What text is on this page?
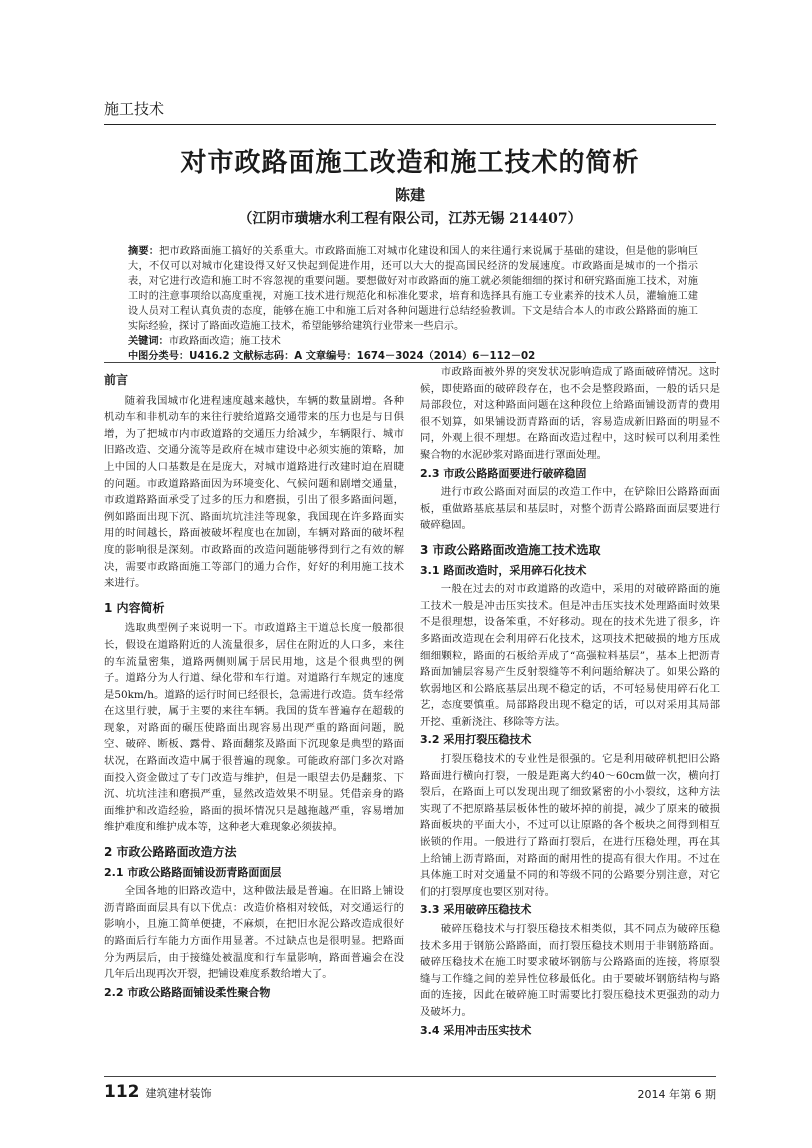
施工技术
对市政路面施工改造和施工技术的简析
陈建
（江阴市璜塘水利工程有限公司，江苏无锡 214407）
摘要：把市政路面施工搞好的关系重大。市政路面施工对城市化建设和国人的来往通行来说属于基础的建设，但是他的影响巨大，不仅可以对城市化建设得又好又快起到促进作用，还可以大大的提高国民经济的发展速度。市政路面是城市的一个指示表，对它进行改造和施工时不容忽视的重要问题。要想做好对市政路面的施工就必须能细细的探讨和研究路面施工技术，对施工时的注意事项给以高度重视，对施工技术进行规范化和标准化要求，培育和选择具有施工专业素养的技术人员，灌输施工建设人员对工程认真负责的态度，能够在施工中和施工后对各种问题进行总结经验教训。下文是结合本人的市政公路路面的施工实际经验，探讨了路面改造施工技术，希望能够给建筑行业带来一些启示。
关键词：市政路面改造；施工技术
中图分类号：U416.2 文献标志码：A 文章编号：1674－3024（2014）6－112－02
前言

随着我国城市化进程速度越来越快，车辆的数量剧增。各种机动车和非机动车的来往行驶给道路交通带来的压力也是与日俱增，为了把城市内市政道路的交通压力给减少，车辆限行、城市旧路改造、交通分流等是政府在城市建设中必须实施的策略，加上中国的人口基数是在是庞大，对城市道路进行改建时迫在眉睫的问题。市政道路路面因为环境变化、气候问题和剧增交通量，市政道路路面承受了过多的压力和磨损，引出了很多路面问题，例如路面出现下沉、路面坑坑洼洼等现象，我国现在许多路面实用的时间越长，路面被破坏程度也在加剧，车辆对路面的破坏程度的影响很是深刻。市政路面的改造问题能够得到行之有效的解决，需要市政路面施工等部门的通力合作，好好的利用施工技术来进行。

1 内容简析

选取典型例子来说明一下。市政道路主干道总长度一般都很长，假设在道路附近的人流量很多，居住在附近的人口多，来往的车流量密集，道路两侧则属于居民用地，这是个很典型的例子。道路分为人行道、绿化带和车行道。对道路行车规定的速度是50km/h。道路的运行时间已经很长，急需进行改造。货车经常在这里行驶，属于主要的来往车辆。我国的货车普遍存在超载的现象，对路面的碾压使路面出现容易出现严重的路面问题，脱空、破碎、断板、露骨、路面翻浆及路面下沉现象是典型的路面状况，在路面改造中属于很普遍的现象。可能政府部门多次对路面投入资金做过了专门改造与维护，但是一眼望去仍是翻浆、下沉、坑坑洼洼和磨损严重，显然改造效果不明显。凭借亲身的路面维护和改造经验，路面的损坏情况只是越拖越严重，容易增加维护难度和维护成本等，这种老大难现象必须拔掉。

2 市政公路路面改造方法
2.1 市政公路路面铺设沥青路面面层

全国各地的旧路改造中，这种做法最是普遍。在旧路上铺设沥青路面面层具有以下优点：改造价格相对较低，对交通运行的影响小，且施工简单便捷，不麻烦，在把旧水泥公路改造成很好的路面后行车能力方面作用显著。不过缺点也是很明显。把路面分为两层后，由于接缝处被温度和行车量影响，路面普遍会在没几年后出现再次开裂，把铺设难度系数给增大了。

2.2 市政公路路面铺设柔性聚合物

市政路面被外界的突发状况影响造成了路面破碎情况。这时候，即使路面的破碎段存在，也不会是整段路面，一般的话只是局部段位，对这种路面问题在这种段位上给路面铺设沥青的费用很不划算，如果铺设沥青路面的话，容易造成新旧路面的明显不同，外观上很不理想。在路面改造过程中，这时候可以利用柔性聚合物的水泥砂浆对路面进行罩面处理。

2.3 市政公路路面要进行破碎稳固

进行市政公路面对面层的改造工作中，在铲除旧公路路面面板，重做路基底基层和基层时，对整个沥青公路路面面层要进行破碎稳固。

3 市政公路路面改造施工技术选取
3.1 路面改造时，采用碎石化技术

一般在过去的对市政道路的改造中，采用的对破碎路面的施工技术一般是冲击压实技术。但是冲击压实技术处理路面时效果不是很理想，设备笨重，不好移动。现在的技术先进了很多，许多路面改造现在会利用碎石化技术，这项技术把破损的地方压成细细颗粒，路面的石板给弄成了“高强粒料基层”，基本上把沥青路面加铺层容易产生反射裂缝等不利问题给解决了。如果公路的软弱地区和公路底基层出现不稳定的话，不可轻易使用碎石化工艺，态度要慎重。局部路段出现不稳定的话，可以对采用其局部开挖、重新浇注、移除等方法。

3.2 采用打裂压稳技术

打裂压稳技术的专业性是很强的。它是利用破碎机把旧公路路面进行横向打裂，一般是距离大约40～60cm做一次，横向打裂后，在路面上可以发现出现了细致紧密的小小裂纹，这种方法实现了不把原路基层板体性的破坏掉的前提，减少了原来的破损路面板块的平面大小，不过可以让原路的各个板块之间得到相互嵌锁的作用。一般进行了路面打裂后，在进行压稳处理，再在其上给铺上沥青路面，对路面的耐用性的提高有很大作用。不过在具体施工时对交通量不同的和等级不同的公路要分别注意，对它们的打裂厚度也要区别对待。

3.3 采用破碎压稳技术

破碎压稳技术与打裂压稳技术相类似，其不同点为破碎压稳技术多用于钢筋公路路面，而打裂压稳技术则用于非钢筋路面。破碎压稳技术在施工时要求破坏钢筋与公路路面的连接，将原裂缝与工作缝之间的差异性位移最低化。由于要破坏钢筋结构与路面的连接，因此在破碎施工时需要比打裂压稳技术更强劲的动力及破坏力。

3.4 采用冲击压实技术
112 建筑建材装饰	2014 年第 6 期
